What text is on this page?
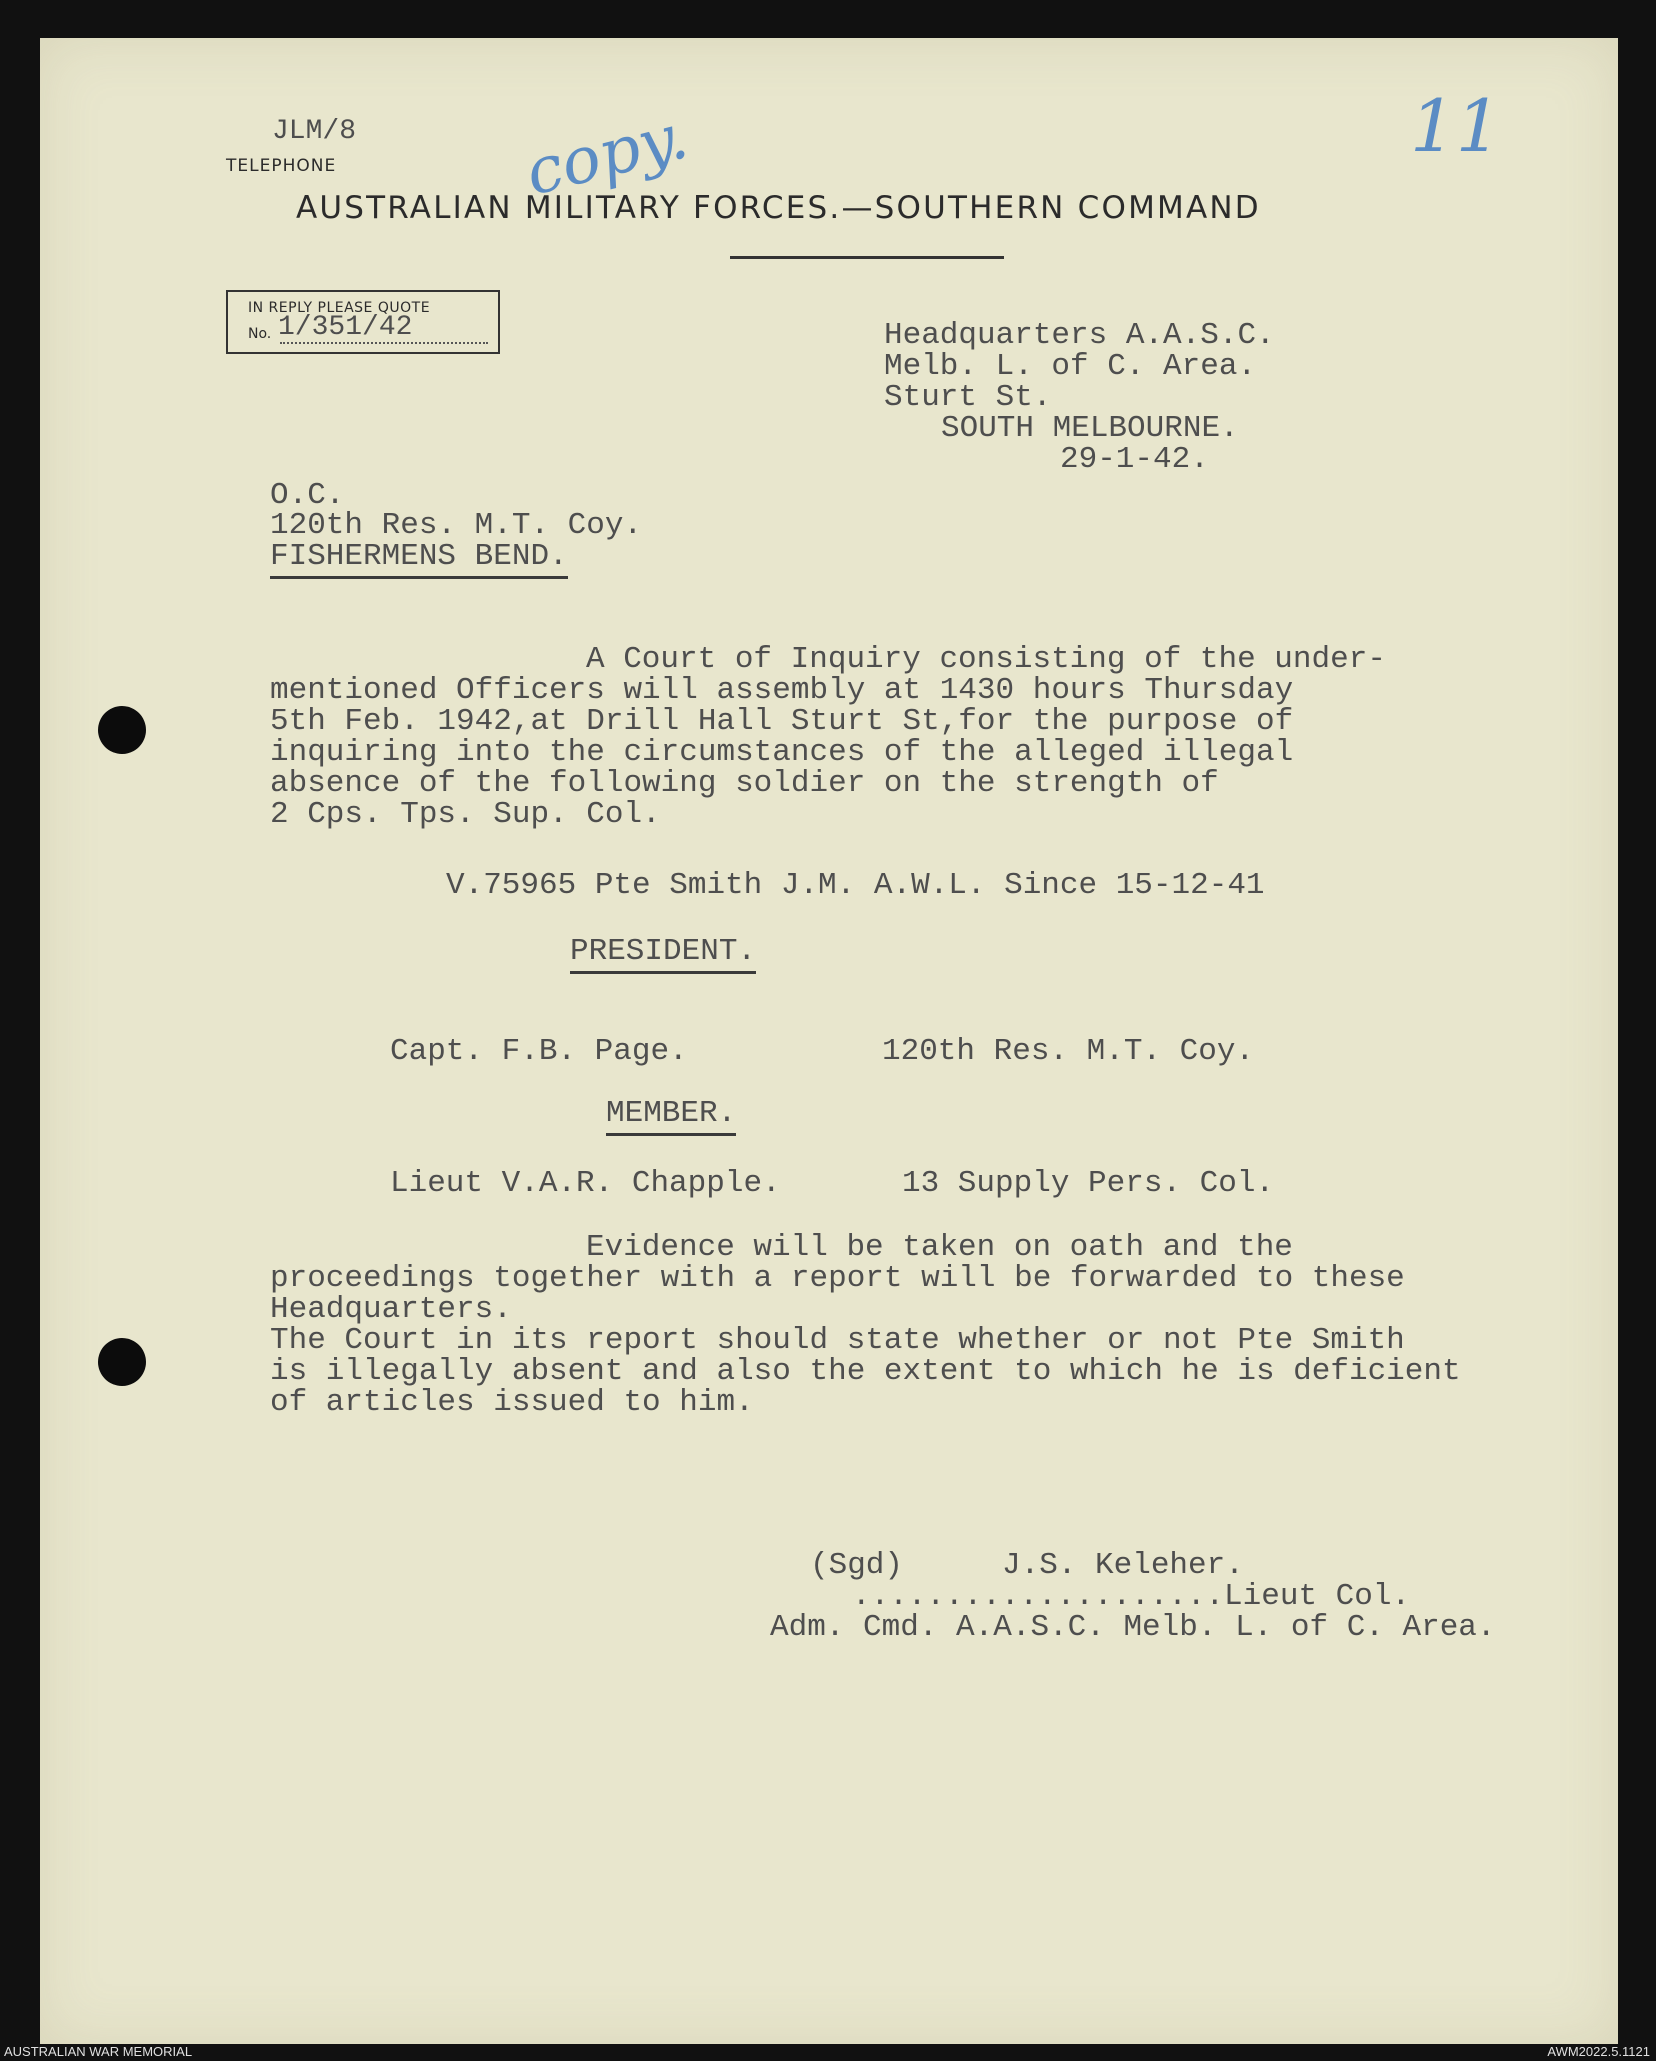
JLM/8
TELEPHONE
AUSTRALIAN MILITARY FORCES.—SOUTHERN COMMAND
copy.	11
IN REPLY PLEASE QUOTE
No. 1/351/42	Headquarters A.A.S.C.
Melb. L. of C. Area.
Sturt St.
SOUTH MELBOURNE.
29-1-42.
O.C.
120th Res. M.T. Coy.
FISHERMENS BEND.
A Court of Inquiry consisting of the under-
mentioned Officers will assembly at 1430 hours Thursday
5th Feb. 1942,at Drill Hall Sturt St,for the purpose of
inquiring into the circumstances of the alleged illegal
absence of the following soldier on the strength of
2 Cps. Tps. Sup. Col.
V.75965 Pte Smith J.M. A.W.L. Since 15-12-41
PRESIDENT.
Capt. F.B. Page.	120th Res. M.T. Coy.
MEMBER.
Lieut V.A.R. Chapple.	13 Supply Pers. Col.
Evidence will be taken on oath and the
proceedings together with a report will be forwarded to these
Headquarters.
The Court in its report should state whether or not Pte Smith
is illegally absent and also the extent to which he is deficient
of articles issued to him.
(Sgd)	J.S. Keleher.
....................Lieut Col.
Adm. Cmd. A.A.S.C. Melb. L. of C. Area.
AUSTRALIAN WAR MEMORIAL	AWM2022.5.1121
